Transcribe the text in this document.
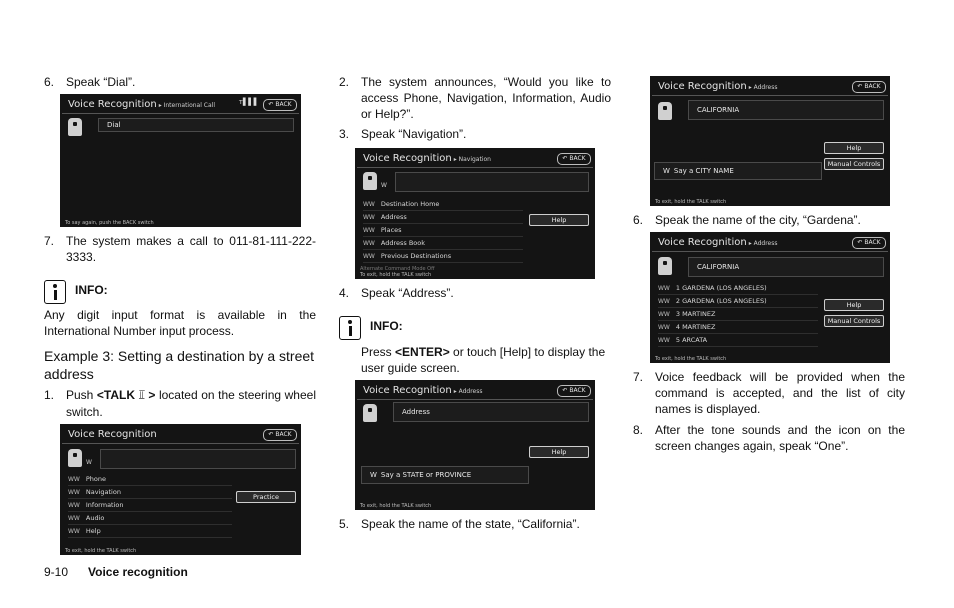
6. Speak “Dial”.

Voice Recognition ▸ International Call	ᴛ▌▌▌	↶ BACK
Dial
To say again, push the BACK switch
7. The system makes a call to 011-81-111-222-3333.

INFO:

Any digit input format is available in the International Number input process.

Example 3: Setting a destination by a street address

1. Push <TALK ⫫̅ > located on the steering wheel switch.

Voice Recognition	↶ BACK
𝖶
𝖶𝖶 Phone
𝖶𝖶 Navigation
𝖶𝖶 Information
𝖶𝖶 Audio
𝖶𝖶 Help
Practice
To exit, hold the TALK switch
9-10 Voice recognition
2. The system announces, “Would you like to access Phone, Navigation, Information, Audio or Help?”.

3. Speak “Navigation”.

Voice Recognition ▸ Navigation	↶ BACK
𝖶
𝖶𝖶 Destination Home
𝖶𝖶 Address
𝖶𝖶 Places
𝖶𝖶 Address Book
𝖶𝖶 Previous Destinations
Help
Alternate Command Mode Off
To exit, hold the TALK switch
4. Speak “Address”.

INFO:

Press <ENTER> or touch [Help] to display the user guide screen.

Voice Recognition ▸ Address	↶ BACK
Address
Help
𝖶 Say a STATE or PROVINCE
To exit, hold the TALK switch
5. Speak the name of the state, “California”.

Voice Recognition ▸ Address	↶ BACK
CALIFORNIA
Help
Manual Controls
𝖶 Say a CITY NAME
To exit, hold the TALK switch
6. Speak the name of the city, “Gardena”.

Voice Recognition ▸ Address	↶ BACK
CALIFORNIA
𝖶𝖶 1 GARDENA (LOS ANGELES)
𝖶𝖶 2 GARDENA (LOS ANGELES)
𝖶𝖶 3 MARTINEZ
𝖶𝖶 4 MARTINEZ
𝖶𝖶 5 ARCATA
Help
Manual Controls
To exit, hold the TALK switch
7. Voice feedback will be provided when the command is accepted, and the list of city names is displayed.

8. After the tone sounds and the icon on the screen changes again, speak “One”.
